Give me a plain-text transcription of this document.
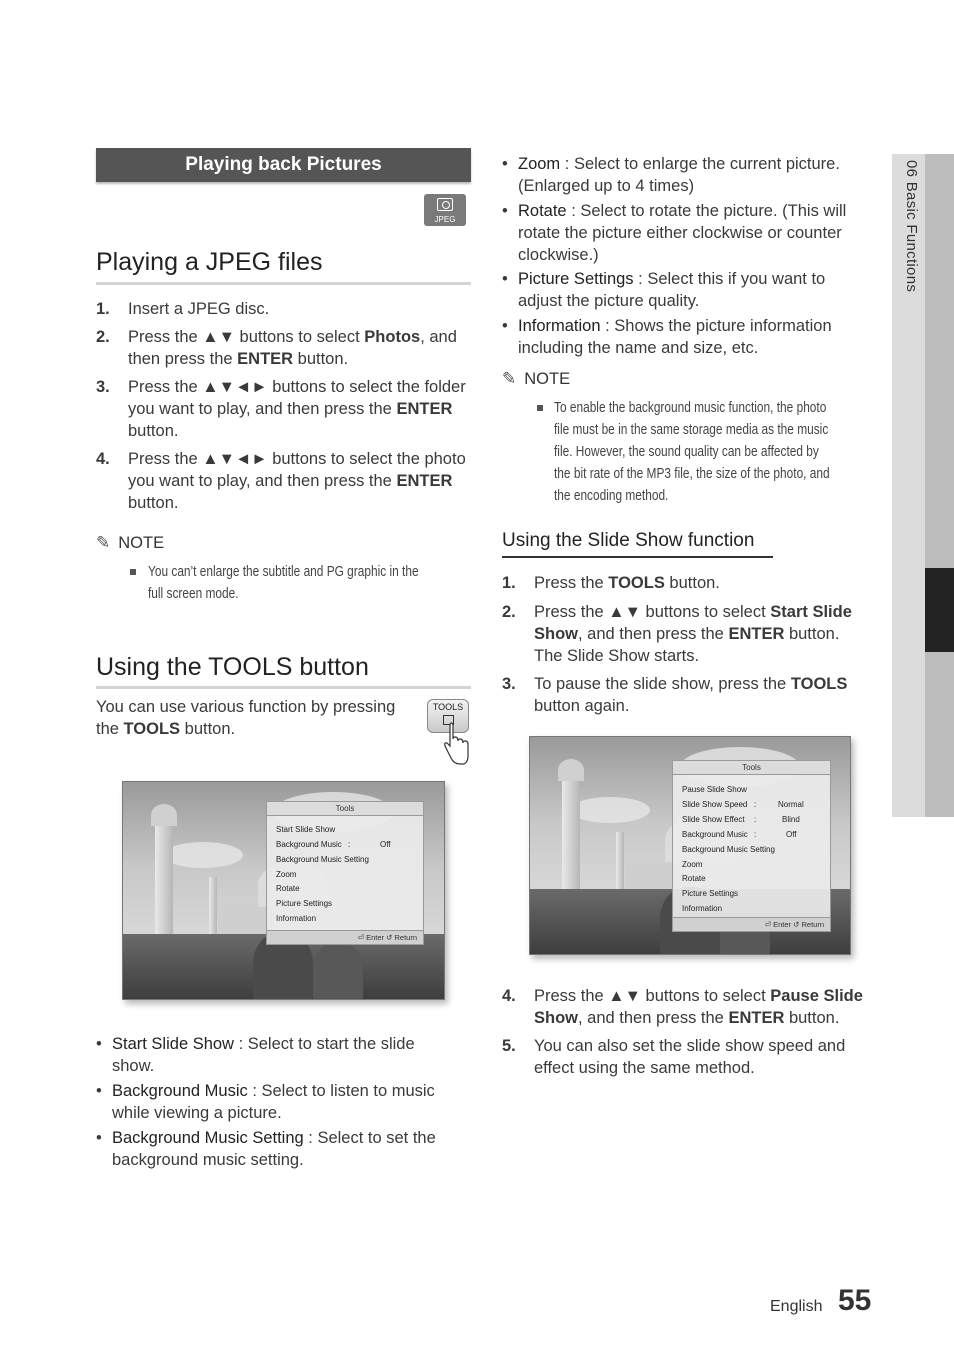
Playing back Pictures
JPEG
Playing a JPEG files
1. Insert a JPEG disc.
2. Press the ▲▼ buttons to select Photos, and
then press the ENTER button.
3. Press the ▲▼◄► buttons to select the folder
you want to play, and then press the ENTER
button.
4. Press the ▲▼◄► buttons to select the photo
you want to play, and then press the ENTER
button.
✎ NOTE
You can’t enlarge the subtitle and PG graphic in the
full screen mode.
Using the TOOLS button
You can use various function by pressing
the TOOLS button.
TOOLS
Tools
Start Slide Show
Background Music :	Off
Background Music Setting
Zoom
Rotate
Picture Settings
Information
⏎ Enter ↺ Return
• Start Slide Show : Select to start the slide
show.
• Background Music : Select to listen to music
while viewing a picture.
• Background Music Setting : Select to set the
background music setting.
• Zoom : Select to enlarge the current picture.
(Enlarged up to 4 times)
• Rotate : Select to rotate the picture. (This will
rotate the picture either clockwise or counter
clockwise.)
• Picture Settings : Select this if you want to
adjust the picture quality.
• Information : Shows the picture information
including the name and size, etc.
✎ NOTE
To enable the background music function, the photo
file must be in the same storage media as the music
file. However, the sound quality can be affected by
the bit rate of the MP3 file, the size of the photo, and
the encoding method.
Using the Slide Show function
1. Press the TOOLS button.
2. Press the ▲▼ buttons to select Start Slide
Show, and then press the ENTER button.
The Slide Show starts.
3. To pause the slide show, press the TOOLS
button again.
Tools
Pause Slide Show
Slide Show Speed :	Normal
Slide Show Effect :	Blind
Background Music :	Off
Background Music Setting
Zoom
Rotate
Picture Settings
Information
⏎ Enter ↺ Return
4. Press the ▲▼ buttons to select Pause Slide
Show, and then press the ENTER button.
5. You can also set the slide show speed and
effect using the same method.
06 Basic Functions
English 55
